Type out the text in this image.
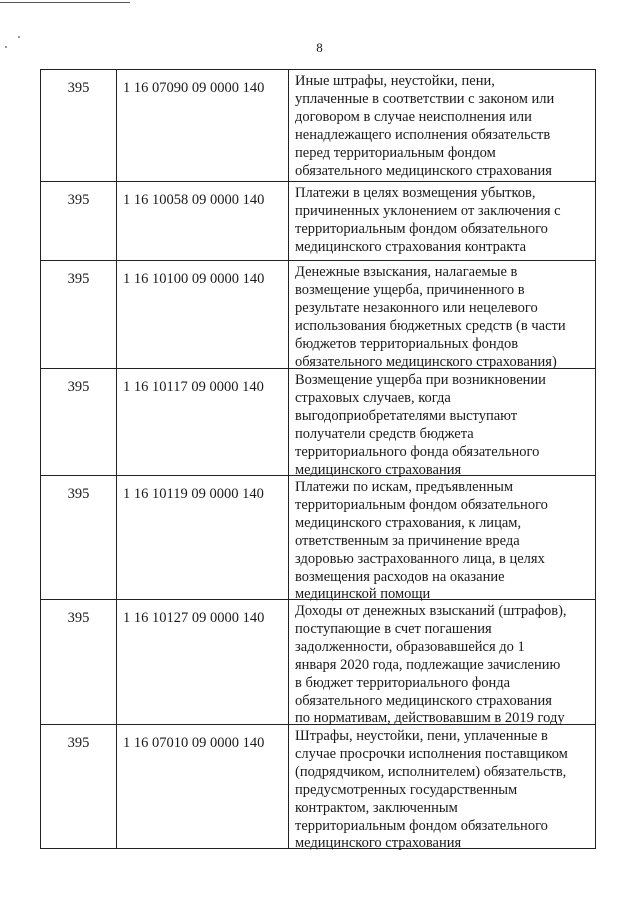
8
395	1 16 07090 09 0000 140	Иные штрафы, неустойки, пени,
уплаченные в соответствии с законом или
договором в случае неисполнения или
ненадлежащего исполнения обязательств
перед территориальным фондом
обязательного медицинского страхования
395	1 16 10058 09 0000 140	Платежи в целях возмещения убытков,
причиненных уклонением от заключения с
территориальным фондом обязательного
медицинского страхования контракта
395	1 16 10100 09 0000 140	Денежные взыскания, налагаемые в
возмещение ущерба, причиненного в
результате незаконного или нецелевого
использования бюджетных средств (в части
бюджетов территориальных фондов
обязательного медицинского страхования)
395	1 16 10117 09 0000 140	Возмещение ущерба при возникновении
страховых случаев, когда
выгодоприобретателями выступают
получатели средств бюджета
территориального фонда обязательного
медицинского страхования
395	1 16 10119 09 0000 140	Платежи по искам, предъявленным
территориальным фондом обязательного
медицинского страхования, к лицам,
ответственным за причинение вреда
здоровью застрахованного лица, в целях
возмещения расходов на оказание
медицинской помощи
395	1 16 10127 09 0000 140	Доходы от денежных взысканий (штрафов),
поступающие в счет погашения
задолженности, образовавшейся до 1
января 2020 года, подлежащие зачислению
в бюджет территориального фонда
обязательного медицинского страхования
по нормативам, действовавшим в 2019 году
395	1 16 07010 09 0000 140	Штрафы, неустойки, пени, уплаченные в
случае просрочки исполнения поставщиком
(подрядчиком, исполнителем) обязательств,
предусмотренных государственным
контрактом, заключенным
территориальным фондом обязательного
медицинского страхования
